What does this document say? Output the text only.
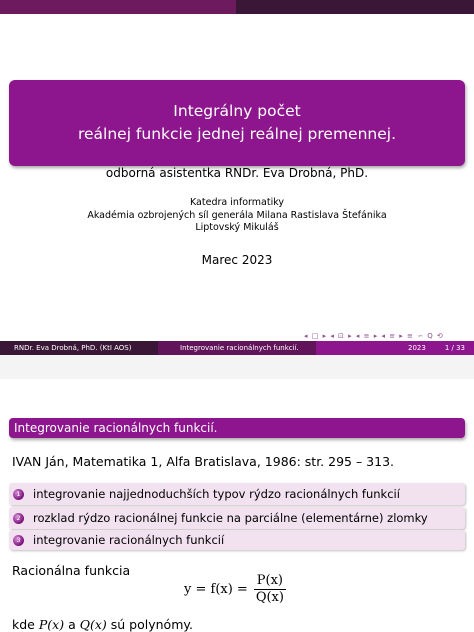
Integrálny počet
reálnej funkcie jednej reálnej premennej.
odborná asistentka RNDr. Eva Drobná, PhD.
Katedra informatiky
Akadémia ozbrojených síl generála Milana Rastislava Štefánika
Liptovský Mikuláš
Marec 2023
◂ □ ▸ ◂ ⊡ ▸ ◂ ≡ ▸ ◂ ≡ ▸ ≡ ∽ Q ⟲
RNDr. Eva Drobná, PhD. (KtI AOS)	Integrovanie racionálnych funkcií.	2023	1 / 33
Integrovanie racionálnych funkcií.
IVAN Ján, Matematika 1, Alfa Bratislava, 1986: str. 295 – 313.
1 integrovanie najjednoduchších typov rýdzo racionálnych funkcií
2 rozklad rýdzo racionálnej funkcie na parciálne (elementárne) zlomky
3 integrovanie racionálnych funkcií
Racionálna funkcia
$y = f(x) = \frac{P(x)}{Q(x)}$
kde P(x) a Q(x) sú polynómy.
